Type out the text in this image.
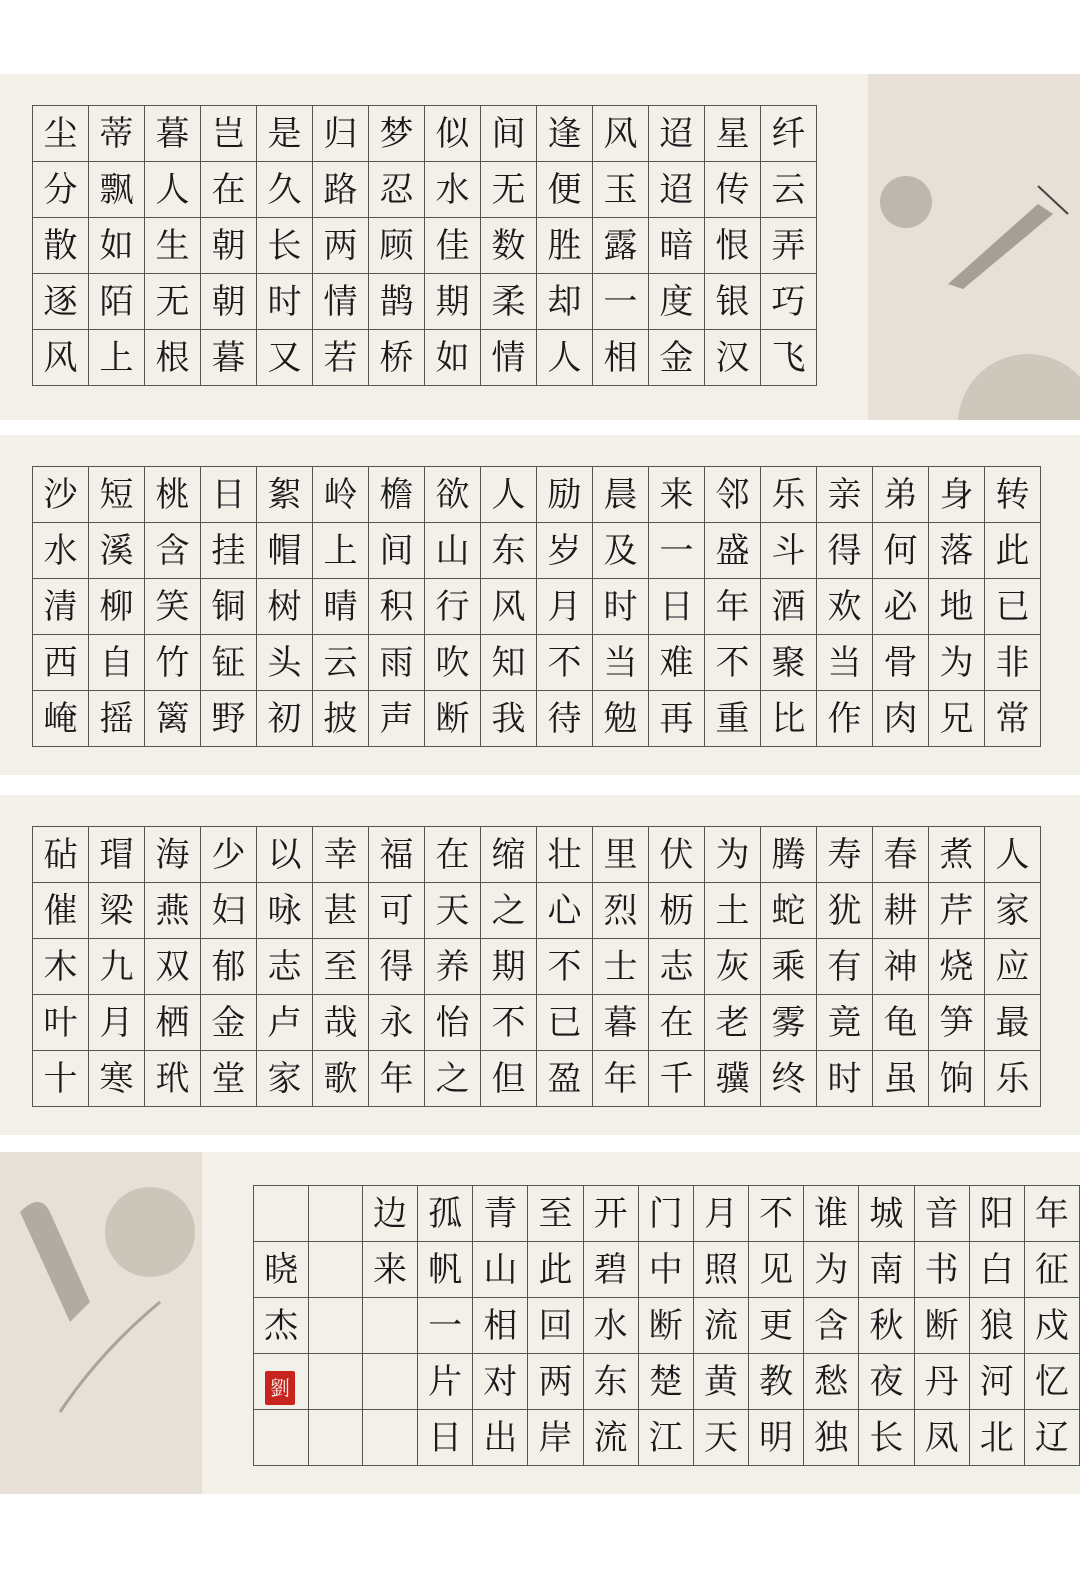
尘	蒂	暮	岂	是	归	梦	似	间	逢	风	迢	星	纤
分	飘	人	在	久	路	忍	水	无	便	玉	迢	传	云
散	如	生	朝	长	两	顾	佳	数	胜	露	暗	恨	弄
逐	陌	无	朝	时	情	鹊	期	柔	却	一	度	银	巧
风	上	根	暮	又	若	桥	如	情	人	相	金	汉	飞
沙	短	桃	日	絮	岭	檐	欲	人	励	晨	来	邻	乐	亲	弟	身	转
水	溪	含	挂	帽	上	间	山	东	岁	及	一	盛	斗	得	何	落	此
清	柳	笑	铜	树	晴	积	行	风	月	时	日	年	酒	欢	必	地	已
西	自	竹	钲	头	云	雨	吹	知	不	当	难	不	聚	当	骨	为	非
崦	摇	篱	野	初	披	声	断	我	待	勉	再	重	比	作	肉	兄	常
砧	瑁	海	少	以	幸	福	在	缩	壮	里	伏	为	腾	寿	春	煮	人
催	梁	燕	妇	咏	甚	可	天	之	心	烈	枥	土	蛇	犹	耕	芹	家
木	九	双	郁	志	至	得	养	期	不	士	志	灰	乘	有	神	烧	应
叶	月	栖	金	卢	哉	永	怡	不	已	暮	在	老	雾	竟	龟	笋	最
十	寒	玳	堂	家	歌	年	之	但	盈	年	千	骥	终	时	虽	饷	乐
		边	孤	青	至	开	门	月	不	谁	城	音	阳	年
晓		来	帆	山	此	碧	中	照	见	为	南	书	白	征
杰			一	相	回	水	断	流	更	含	秋	断	狼	戍
			片	对	两	东	楚	黄	教	愁	夜	丹	河	忆
			日	出	岸	流	江	天	明	独	长	凤	北	辽
劉
